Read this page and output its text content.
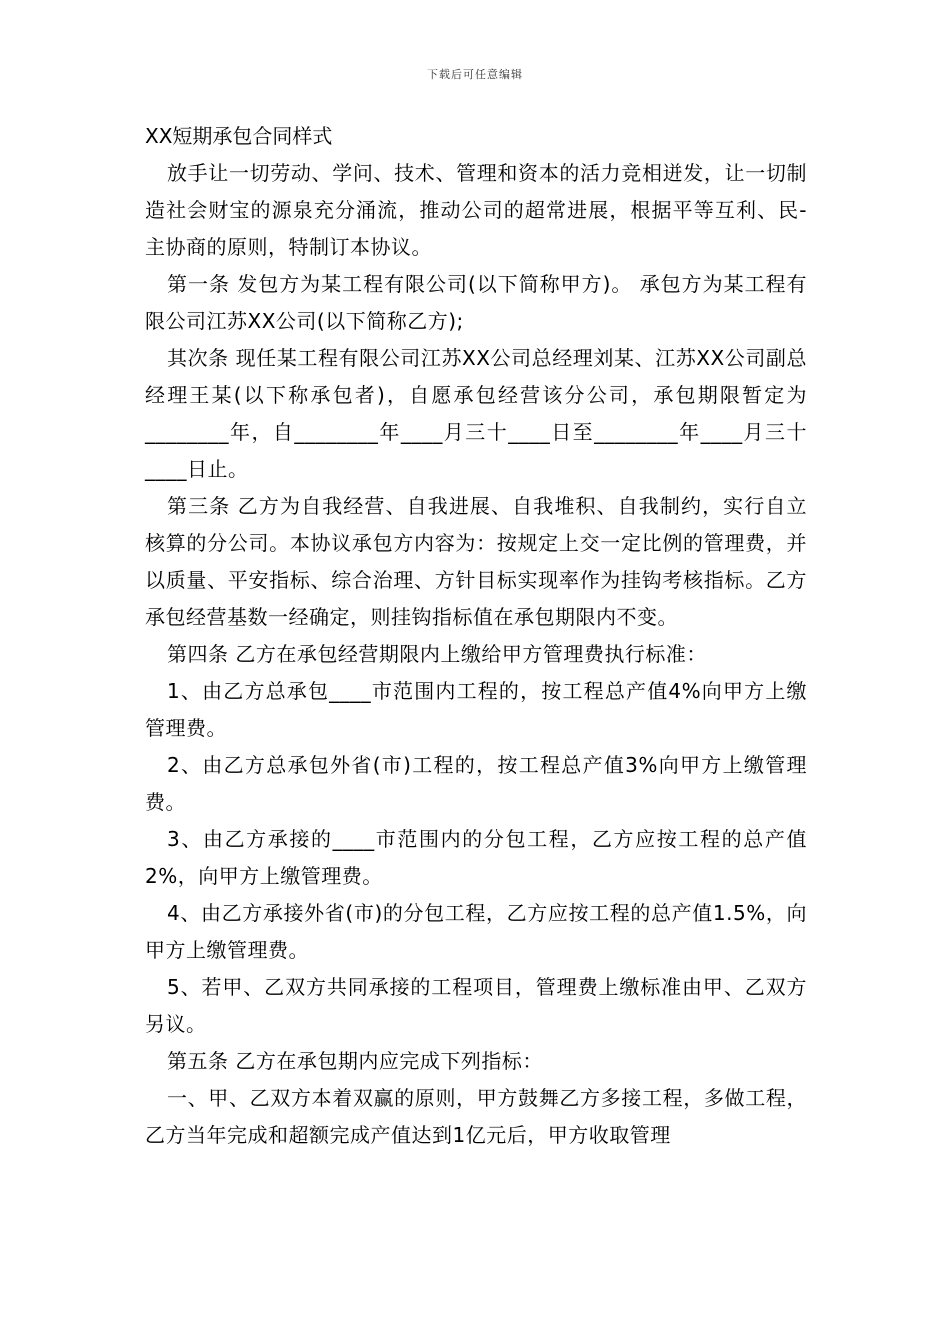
下载后可任意编辑

XX短期承包合同样式

放手让一切劳动、学问、技术、管理和资本的活力竞相迸发，让一切制造社会财宝的源泉充分涌流，推动公司的超常进展，根据平等互利、民-主协商的原则，特制订本协议。

第一条 发包方为某工程有限公司(以下简称甲方)。 承包方为某工程有限公司江苏XX公司(以下简称乙方);

其次条 现任某工程有限公司江苏XX公司总经理刘某、江苏XX公司副总经理王某(以下称承包者)，自愿承包经营该分公司，承包期限暂定为________年，自________年____月三十____日至________年____月三十____日止。

第三条 乙方为自我经营、自我进展、自我堆积、自我制约，实行自立核算的分公司。本协议承包方内容为：按规定上交一定比例的管理费，并以质量、平安指标、综合治理、方针目标实现率作为挂钩考核指标。乙方承包经营基数一经确定，则挂钩指标值在承包期限内不变。

第四条 乙方在承包经营期限内上缴给甲方管理费执行标准：

1、由乙方总承包____市范围内工程的，按工程总产值4%向甲方上缴管理费。

2、由乙方总承包外省(市)工程的，按工程总产值3%向甲方上缴管理费。

3、由乙方承接的____市范围内的分包工程，乙方应按工程的总产值2%，向甲方上缴管理费。

4、由乙方承接外省(市)的分包工程，乙方应按工程的总产值1.5%，向甲方上缴管理费。

5、若甲、乙双方共同承接的工程项目，管理费上缴标准由甲、乙双方另议。

第五条 乙方在承包期内应完成下列指标：

一、甲、乙双方本着双赢的原则，甲方鼓舞乙方多接工程，多做工程，乙方当年完成和超额完成产值达到1亿元后，甲方收取管理
